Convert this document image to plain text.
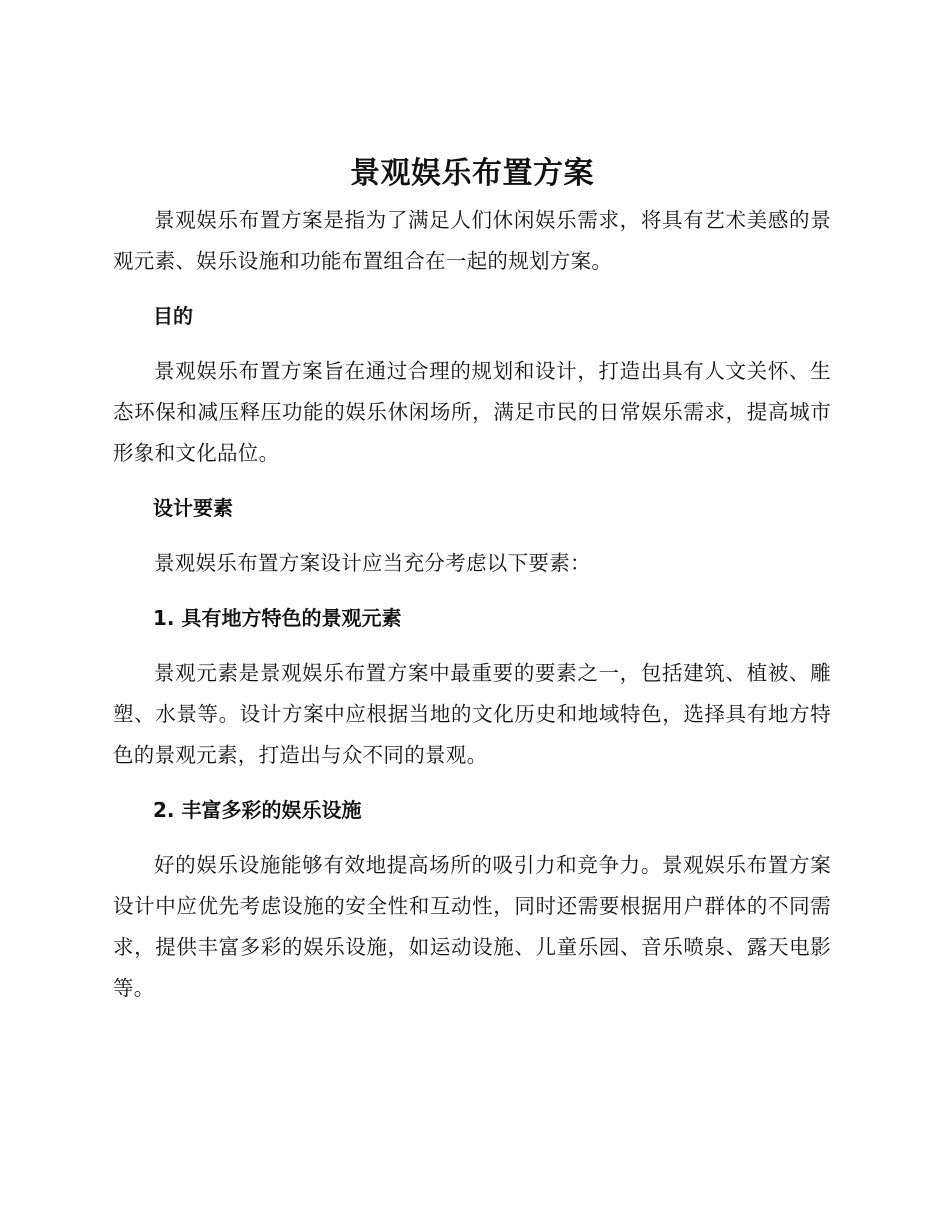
景观娱乐布置方案

景观娱乐布置方案是指为了满足人们休闲娱乐需求，将具有艺术美感的景观元素、娱乐设施和功能布置组合在一起的规划方案。

目的

景观娱乐布置方案旨在通过合理的规划和设计，打造出具有人文关怀、生态环保和减压释压功能的娱乐休闲场所，满足市民的日常娱乐需求，提高城市形象和文化品位。

设计要素

景观娱乐布置方案设计应当充分考虑以下要素：

1. 具有地方特色的景观元素

景观元素是景观娱乐布置方案中最重要的要素之一，包括建筑、植被、雕塑、水景等。设计方案中应根据当地的文化历史和地域特色，选择具有地方特色的景观元素，打造出与众不同的景观。

2. 丰富多彩的娱乐设施

好的娱乐设施能够有效地提高场所的吸引力和竞争力。景观娱乐布置方案设计中应优先考虑设施的安全性和互动性，同时还需要根据用户群体的不同需求，提供丰富多彩的娱乐设施，如运动设施、儿童乐园、音乐喷泉、露天电影等。
